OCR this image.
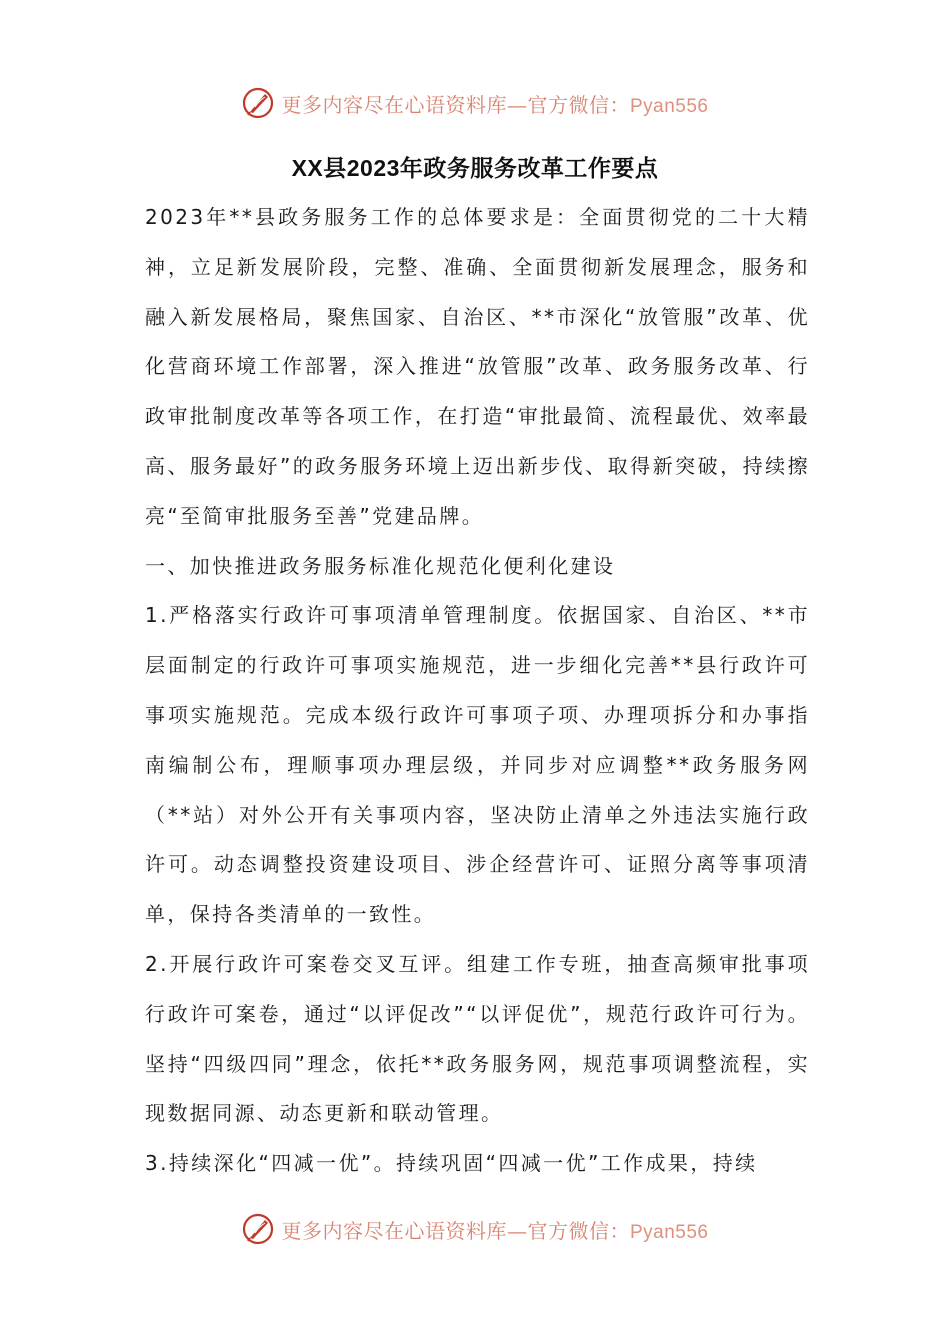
更多内容尽在心语资料库—官方微信：Pyan556
XX县2023年政务服务改革工作要点

2023年**县政务服务工作的总体要求是：全面贯彻党的二十大精神，立足新发展阶段，完整、准确、全面贯彻新发展理念，服务和融入新发展格局，聚焦国家、自治区、**市深化“放管服”改革、优化营商环境工作部署，深入推进“放管服”改革、政务服务改革、行政审批制度改革等各项工作，在打造“审批最简、流程最优、效率最高、服务最好”的政务服务环境上迈出新步伐、取得新突破，持续擦亮“至简审批服务至善”党建品牌。

一、加快推进政务服务标准化规范化便利化建设

1.严格落实行政许可事项清单管理制度。依据国家、自治区、**市层面制定的行政许可事项实施规范，进一步细化完善**县行政许可事项实施规范。完成本级行政许可事项子项、办理项拆分和办事指南编制公布，理顺事项办理层级，并同步对应调整**政务服务网（**站）对外公开有关事项内容，坚决防止清单之外违法实施行政许可。动态调整投资建设项目、涉企经营许可、证照分离等事项清单，保持各类清单的一致性。

2.开展行政许可案卷交叉互评。组建工作专班，抽查高频审批事项行政许可案卷，通过“以评促改”“以评促优”，规范行政许可行为。坚持“四级四同”理念，依托**政务服务网，规范事项调整流程，实现数据同源、动态更新和联动管理。

3.持续深化“四减一优”。持续巩固“四减一优”工作成果，持续

更多内容尽在心语资料库—官方微信：Pyan556
